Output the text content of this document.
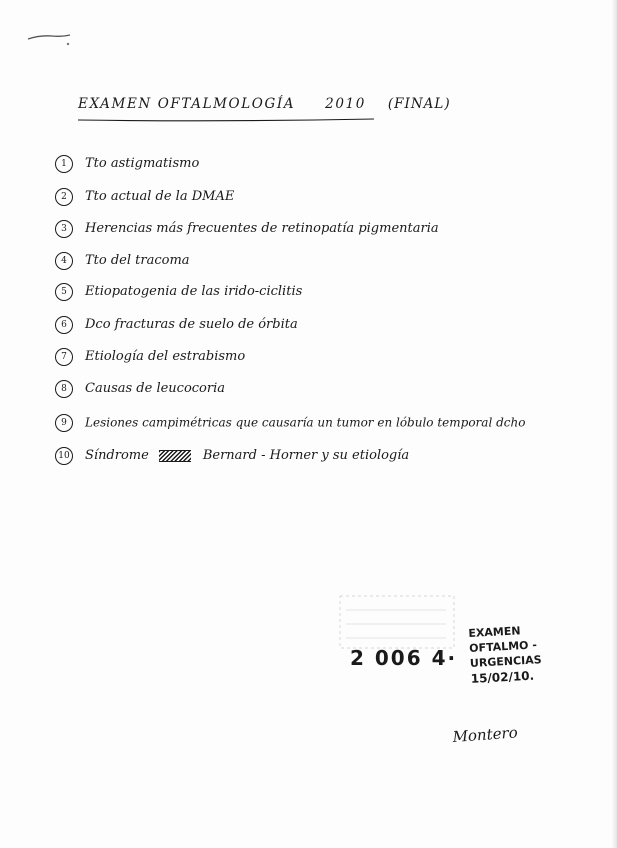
EXAMEN OFTALMOLOGÍA 2010 (FINAL)
1 Tto astigmatismo
2 Tto actual de la DMAE
3 Herencias más frecuentes de retinopatía pigmentaria
4 Tto del tracoma
5 Etiopatogenia de las irido-ciclitis
6 Dco fracturas de suelo de órbita
7 Etiología del estrabismo
8 Causas de leucocoria
9 Lesiones campimétricas que causaría un tumor en lóbulo temporal dcho
10 Síndrome	Bernard - Horner y su etiología
2 006 4·
EXAMEN
OFTALMO -
URGENCIAS
15/02/10.
Montero
